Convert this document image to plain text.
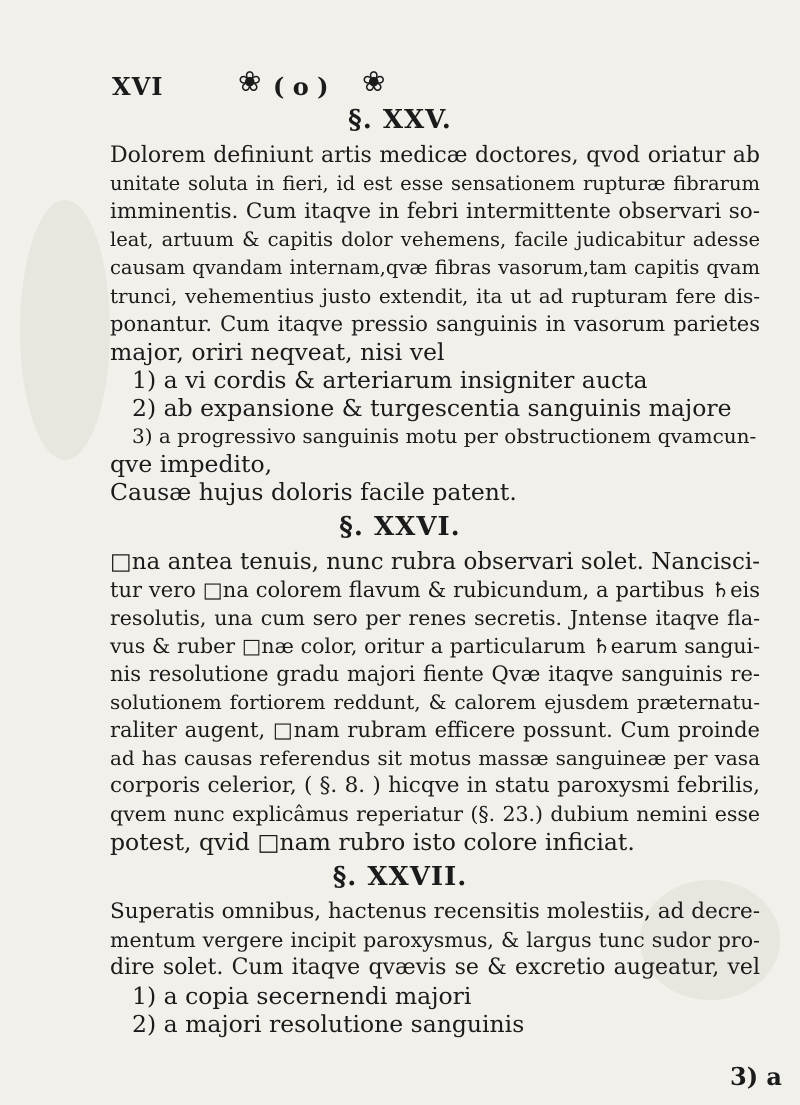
XVI	❀ ( o ) ❀
§. XXV.
Dolorem definiunt artis medicæ doctores, qvod oriatur ab
unitate soluta in fieri, id est esse sensationem rupturæ fibrarum
imminentis. Cum itaqve in febri intermittente observari so-
leat, artuum & capitis dolor vehemens, facile judicabitur adesse
causam qvandam internam,qvæ fibras vasorum,tam capitis qvam
trunci, vehementius justo extendit, ita ut ad rupturam fere dis-
ponantur. Cum itaqve pressio sanguinis in vasorum parietes
major, oriri neqveat, nisi vel
1) a vi cordis & arteriarum insigniter aucta
2) ab expansione & turgescentia sanguinis majore
3) a progressivo sanguinis motu per obstructionem qvamcun-
qve impedito,
Causæ hujus doloris facile patent.
§. XXVI.
□na antea tenuis, nunc rubra observari solet. Nancisci-
tur vero □na colorem flavum & rubicundum, a partibus ♄eis
resolutis, una cum sero per renes secretis. Jntense itaqve fla-
vus & ruber □næ color, oritur a particularum ♄earum sangui-
nis resolutione gradu majori fiente Qvæ itaqve sanguinis re-
solutionem fortiorem reddunt, & calorem ejusdem præternatu-
raliter augent, □nam rubram efficere possunt. Cum proinde
ad has causas referendus sit motus massæ sanguineæ per vasa
corporis celerior, ( §. 8. ) hicqve in statu paroxysmi febrilis,
qvem nunc explicâmus reperiatur (§. 23.) dubium nemini esse
potest, qvid □nam rubro isto colore inficiat.
§. XXVII.
Superatis omnibus, hactenus recensitis molestiis, ad decre-
mentum vergere incipit paroxysmus, & largus tunc sudor pro-
dire solet. Cum itaqve qvævis se & excretio augeatur, vel
1) a copia secernendi majori
2) a majori resolutione sanguinis
3) a
